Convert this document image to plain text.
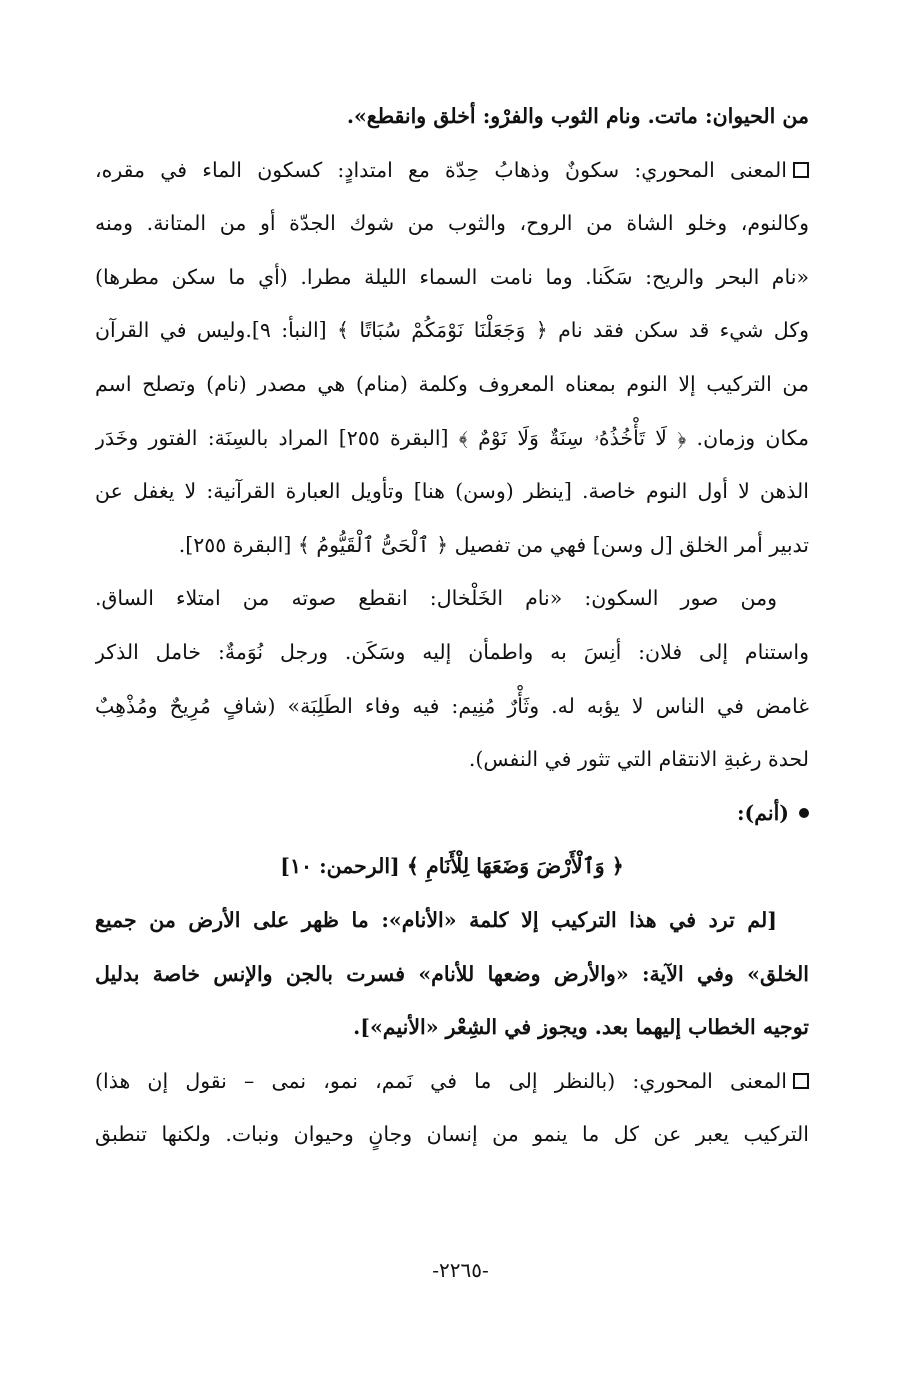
من الحيوان: ماتت. ونام الثوب والفرْو: أخلق وانقطع».
المعنى المحوري: سكونٌ وذهابُ حِدّة مع امتدادٍ: كسكون الماء في مقره،
وكالنوم، وخلو الشاة من الروح، والثوب من شوك الجدّة أو من المتانة. ومنه
«نام البحر والريح: سَكَنا. وما نامت السماء الليلة مطرا. (أي ما سكن مطرها)
وكل شيء قد سكن فقد نام ﴿ وَجَعَلْنَا نَوْمَكُمْ سُبَاتًا ﴾ [النبأ: ٩].وليس في القرآن
من التركيب إلا النوم بمعناه المعروف وكلمة (منام) هي مصدر (نام) وتصلح اسم
مكان وزمان. ﴿ لَا تَأْخُذُهُۥ سِنَةٌ وَلَا نَوْمٌ ﴾ [البقرة ٢٥٥] المراد بالسِنَة: الفتور وخَدَر
الذهن لا أول النوم خاصة. [ينظر (وسن) هنا] وتأويل العبارة القرآنية: لا يغفل عن
تدبير أمر الخلق [ل وسن] فهي من تفصيل ﴿ ٱلْحَىُّ ٱلْقَيُّومُ ﴾ [البقرة ٢٥٥].
ومن صور السكون: «نام الخَلْخال: انقطع صوته من امتلاء الساق.
واستنام إلى فلان: أنِسَ به واطمأن إليه وسَكَن. ورجل نُوَمةٌ: خامل الذكر
غامض في الناس لا يؤبه له. وثَأْرٌ مُنِيم: فيه وفاء الطَلِبَة» (شافٍ مُرِيحٌ ومُذْهِبٌ
لحدة رغبةِ الانتقام التي تثور في النفس).
(أنم):
﴿ وَٱلْأَرْضَ وَضَعَهَا لِلْأَنَامِ ﴾ [الرحمن: ١٠]
[لم ترد في هذا التركيب إلا كلمة «الأنام»: ما ظهر على الأرض من جميع
الخلق» وفي الآية: «والأرض وضعها للأنام» فسرت بالجن والإنس خاصة بدليل
توجيه الخطاب إليهما بعد. ويجوز في الشِعْر «الأنيم»].
المعنى المحوري: (بالنظر إلى ما في نَمم، نمو، نمى – نقول إن هذا)
التركيب يعبر عن كل ما ينمو من إنسان وجانٍ وحيوان ونبات. ولكنها تنطبق
-٢٢٦٥-
